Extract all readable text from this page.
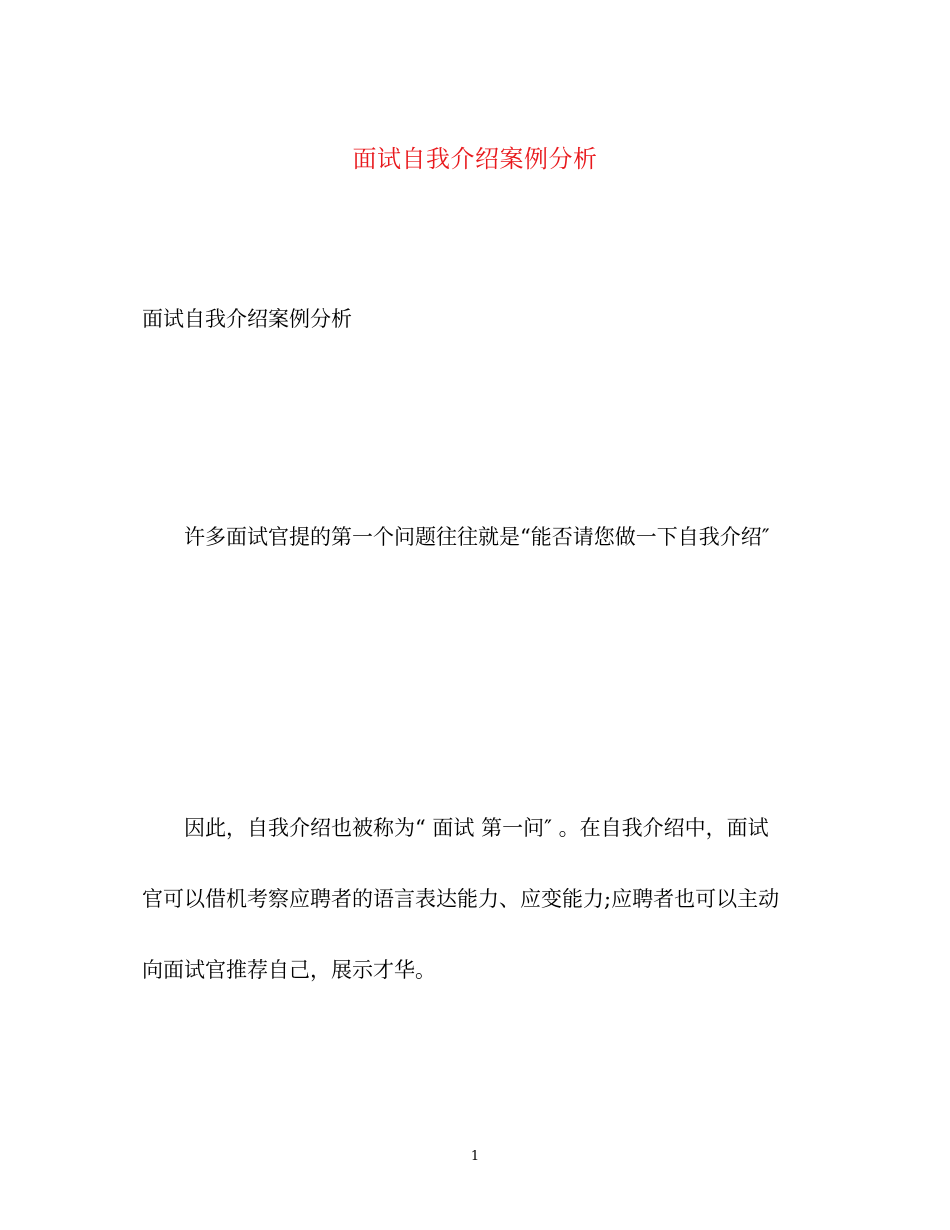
面试自我介绍案例分析
面试自我介绍案例分析
许多面试官提的第一个问题往往就是“能否请您做一下自我介绍″
因此，自我介绍也被称为“ 面试 第一问″ 。在自我介绍中，面试
官可以借机考察应聘者的语言表达能力、应变能力;应聘者也可以主动
向面试官推荐自己，展示才华。
1
